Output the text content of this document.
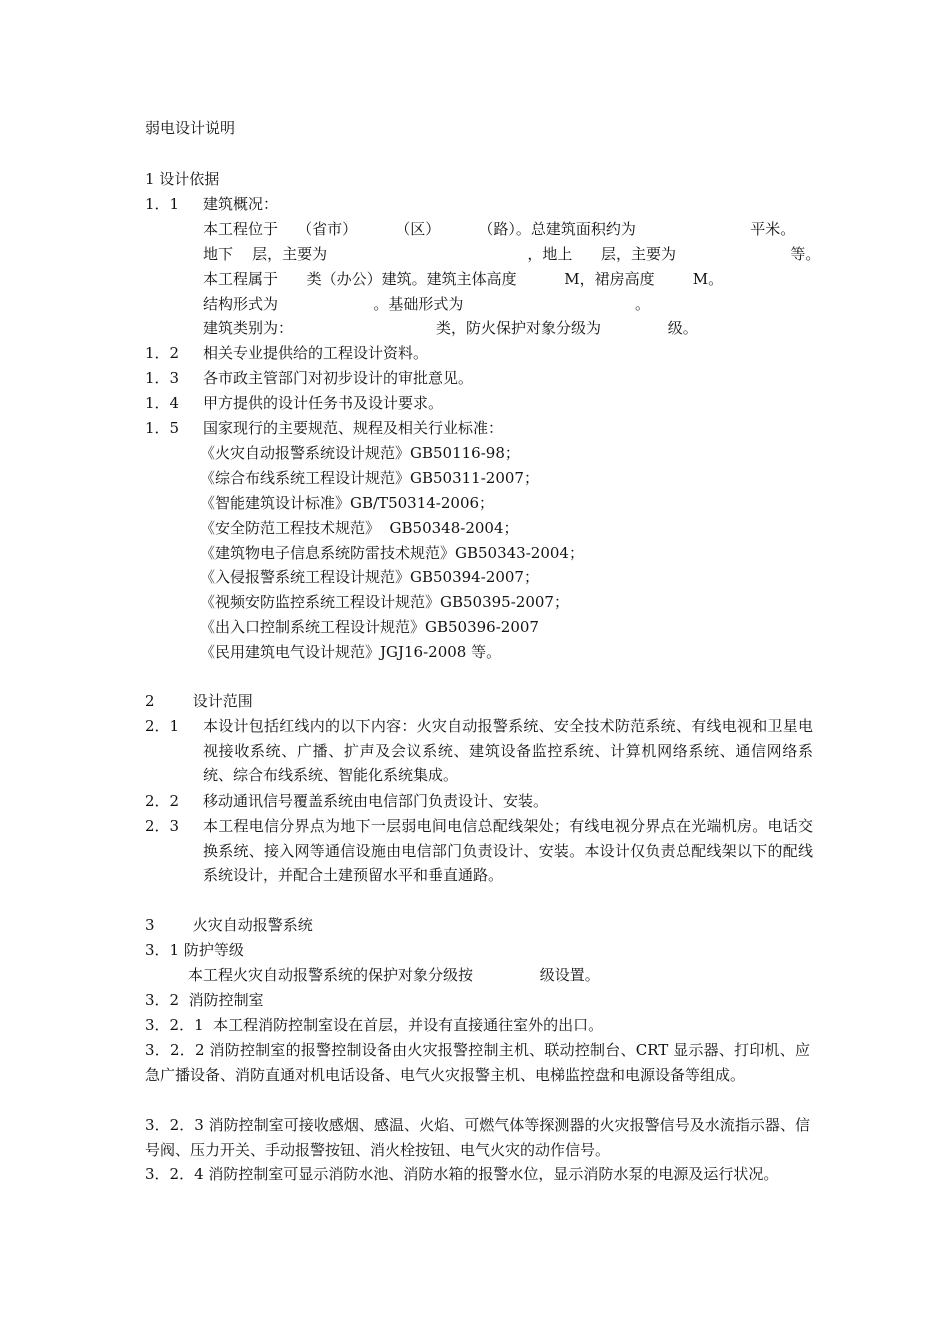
弱电设计说明
1 设计依据
1．1 建筑概况：
本工程位于    （省市）        （区）        （路）。总建筑面积约为                        平米。
地下    层，主要为                                          ，地上      层，主要为                        等。
本工程属于      类（办公）建筑。建筑主体高度          M，裙房高度        M。
结构形式为                    。基础形式为                                    。
建筑类别为：                              类，防火保护对象分级为              级。
1．2 相关专业提供给的工程设计资料。
1．3 各市政主管部门对初步设计的审批意见。
1．4 甲方提供的设计任务书及设计要求。
1．5 国家现行的主要规范、规程及相关行业标准：
《火灾自动报警系统设计规范》GB50116-98；
《综合布线系统工程设计规范》GB50311-2007；
《智能建筑设计标准》GB/T50314-2006；
《安全防范工程技术规范》  GB50348-2004；
《建筑物电子信息系统防雷技术规范》GB50343-2004；
《入侵报警系统工程设计规范》GB50394-2007；
《视频安防监控系统工程设计规范》GB50395-2007；
《出入口控制系统工程设计规范》GB50396-2007
《民用建筑电气设计规范》JGJ16-2008 等。
2        设计范围
2．1 本设计包括红线内的以下内容：火灾自动报警系统、安全技术防范系统、有线电视和卫星电视接收系统、广播、扩声及会议系统、建筑设备监控系统、计算机网络系统、通信网络系统、综合布线系统、智能化系统集成。
2．2 移动通讯信号覆盖系统由电信部门负责设计、安装。
2．3 本工程电信分界点为地下一层弱电间电信总配线架处；有线电视分界点在光端机房。电话交换系统、接入网等通信设施由电信部门负责设计、安装。本设计仅负责总配线架以下的配线系统设计，并配合土建预留水平和垂直通路。
3        火灾自动报警系统
3．1 防护等级
本工程火灾自动报警系统的保护对象分级按              级设置。
3．2  消防控制室
3．2．1  本工程消防控制室设在首层，并设有直接通往室外的出口。
3．2．2 消防控制室的报警控制设备由火灾报警控制主机、联动控制台、CRT 显示器、打印机、应急广播设备、消防直通对机电话设备、电气火灾报警主机、电梯监控盘和电源设备等组成。
3．2．3 消防控制室可接收感烟、感温、火焰、可燃气体等探测器的火灾报警信号及水流指示器、信号阀、压力开关、手动报警按钮、消火栓按钮、电气火灾的动作信号。
3．2．4 消防控制室可显示消防水池、消防水箱的报警水位，显示消防水泵的电源及运行状况。
